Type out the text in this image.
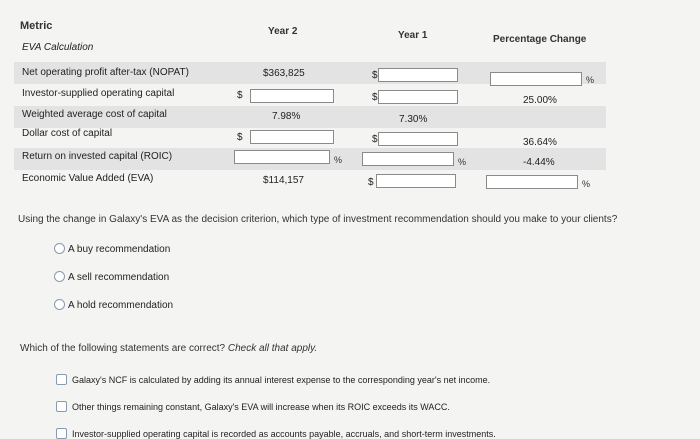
Metric	Year 2	Year 1	Percentage Change
EVA Calculation
Net operating profit after-tax (NOPAT)	$363,825	$	%
Investor-supplied operating capital	$	$	25.00%
Weighted average cost of capital	7.98%	7.30%
Dollar cost of capital	$	$	36.64%
Return on invested capital (ROIC)	%	%	-4.44%
Economic Value Added (EVA)	$114,157	$	%
Using the change in Galaxy's EVA as the decision criterion, which type of investment recommendation should you make to your clients?
A buy recommendation
A sell recommendation
A hold recommendation
Which of the following statements are correct? Check all that apply.
Galaxy's NCF is calculated by adding its annual interest expense to the corresponding year's net income.
Other things remaining constant, Galaxy's EVA will increase when its ROIC exceeds its WACC.
Investor-supplied operating capital is recorded as accounts payable, accruals, and short-term investments.
